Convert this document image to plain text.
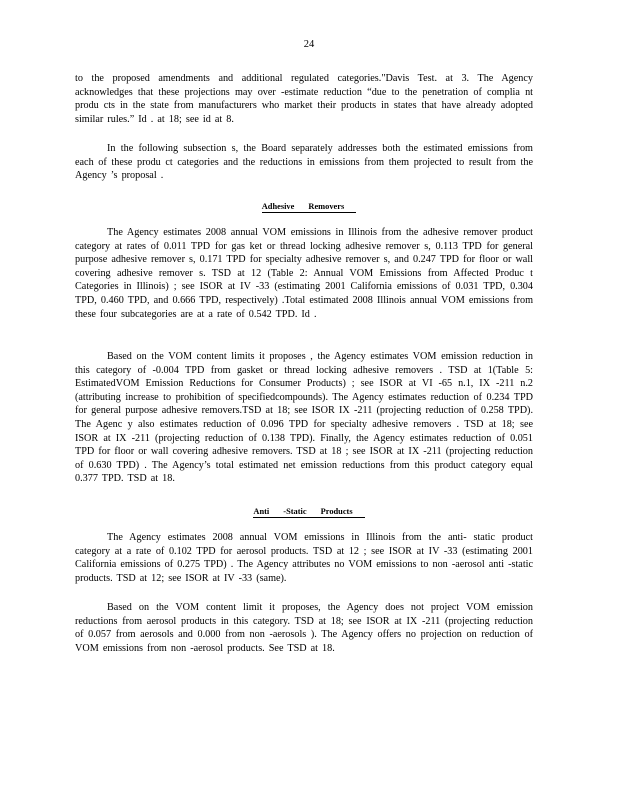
24
to the proposed amendments and additional regulated categories."Davis Test. at 3. The Agency acknowledges that these projections may over -estimate reduction “due to the penetration of complia nt produ cts in the state from manufacturers who market their products in states that have already adopted similar rules.” Id . at 18; see id at 8.
In the following subsection s, the Board separately addresses both the estimated emissions from each of these produ ct categories and the reductions in emissions from them projected to result from the Agency ’s proposal .
Adhesive Removers
The Agency estimates 2008 annual VOM emissions in Illinois from the adhesive remover product category at rates of 0.011 TPD for gas ket or thread locking adhesive remover s, 0.113 TPD for general purpose adhesive remover s, 0.171 TPD for specialty adhesive remover s, and 0.247 TPD for floor or wall covering adhesive remover s. TSD at 12 (Table 2: Annual VOM Emissions from Affected Produc t Categories in Illinois) ; see ISOR at IV -33 (estimating 2001 California emissions of 0.031 TPD, 0.304 TPD, 0.460 TPD, and 0.666 TPD, respectively) .Total estimated 2008 Illinois annual VOM emissions from these four subcategories are at a rate of 0.542 TPD. Id .
Based on the VOM content limits it proposes , the Agency estimates VOM emission reduction in this category of -0.004 TPD from gasket or thread locking adhesive removers . TSD at 1(Table 5: EstimatedVOM Emission Reductions for Consumer Products) ; see ISOR at VI -65 n.1, IX -211 n.2 (attributing increase to prohibition of specifiedcompounds). The Agency estimates reduction of 0.234 TPD for general purpose adhesive removers.TSD at 18; see ISOR IX -211 (projecting reduction of 0.258 TPD). The Agenc y also estimates reduction of 0.096 TPD for specialty adhesive removers . TSD at 18; see ISOR at IX -211 (projecting reduction of 0.138 TPD). Finally, the Agency estimates reduction of 0.051 TPD for floor or wall covering adhesive removers. TSD at 18 ; see ISOR at IX -211 (projecting reduction of 0.630 TPD) . The Agency’s total estimated net emission reductions from this product category equal 0.377 TPD. TSD at 18.
Anti -Static Products
The Agency estimates 2008 annual VOM emissions in Illinois from the anti- static product category at a rate of 0.102 TPD for aerosol products. TSD at 12 ; see ISOR at IV -33 (estimating 2001 California emissions of 0.275 TPD) . The Agency attributes no VOM emissions to non -aerosol anti -static products. TSD at 12; see ISOR at IV -33 (same).
Based on the VOM content limit it proposes, the Agency does not project VOM emission reductions from aerosol products in this category. TSD at 18; see ISOR at IX -211 (projecting reduction of 0.057 from aerosols and 0.000 from non -aerosols ). The Agency offers no projection on reduction of VOM emissions from non -aerosol products. See TSD at 18.
